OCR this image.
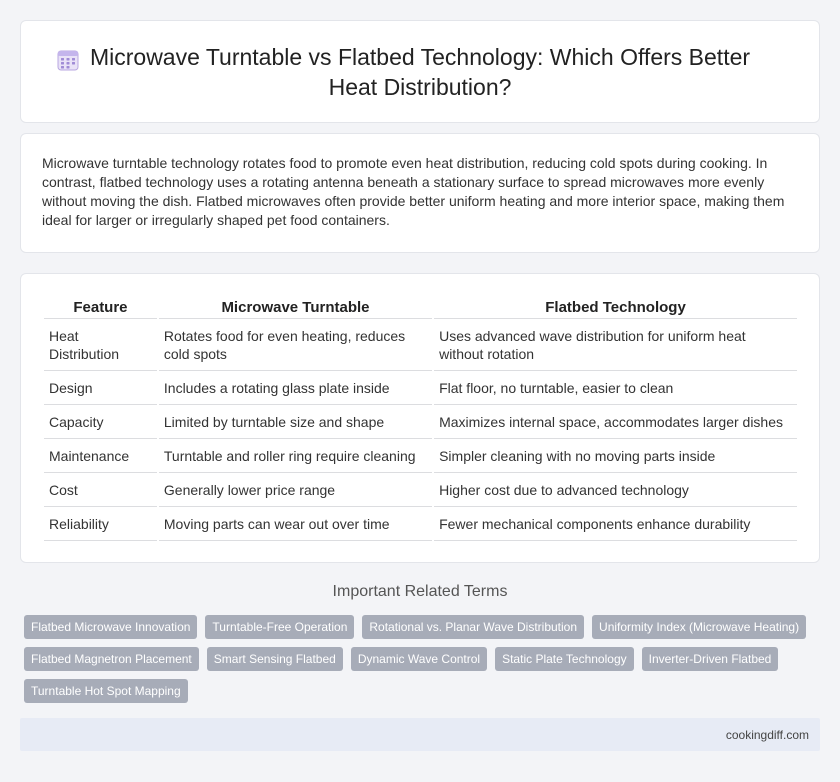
Microwave Turntable vs Flatbed Technology: Which Offers Better Heat Distribution?

Microwave turntable technology rotates food to promote even heat distribution, reducing cold spots during cooking. In contrast, flatbed technology uses a rotating antenna beneath a stationary surface to spread microwaves more evenly without moving the dish. Flatbed microwaves often provide better uniform heating and more interior space, making them ideal for larger or irregularly shaped pet food containers.

Feature	Microwave Turntable	Flatbed Technology
Heat Distribution	Rotates food for even heating, reduces cold spots	Uses advanced wave distribution for uniform heat without rotation
Design	Includes a rotating glass plate inside	Flat floor, no turntable, easier to clean
Capacity	Limited by turntable size and shape	Maximizes internal space, accommodates larger dishes
Maintenance	Turntable and roller ring require cleaning	Simpler cleaning with no moving parts inside
Cost	Generally lower price range	Higher cost due to advanced technology
Reliability	Moving parts can wear out over time	Fewer mechanical components enhance durability
Important Related Terms
Flatbed Microwave Innovation	Turntable-Free Operation	Rotational vs. Planar Wave Distribution	Uniformity Index (Microwave Heating)
Flatbed Magnetron Placement	Smart Sensing Flatbed	Dynamic Wave Control	Static Plate Technology	Inverter-Driven Flatbed
Turntable Hot Spot Mapping
cookingdiff.com
